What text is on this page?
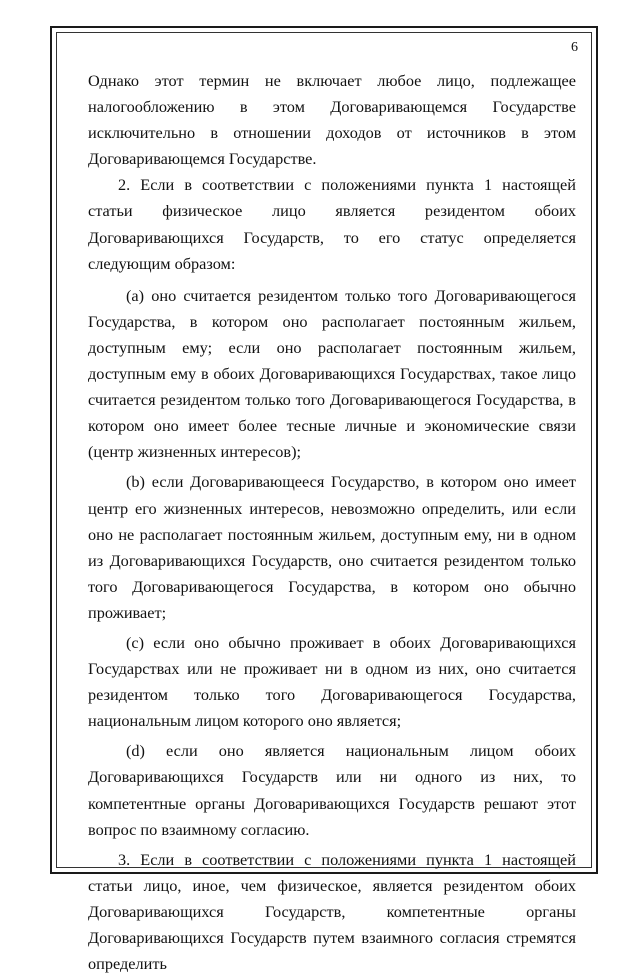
6

Однако этот термин не включает любое лицо, подлежащее налогообложению в этом Договаривающемся Государстве исключительно в отношении доходов от источников в этом Договаривающемся Государстве.

2. Если в соответствии с положениями пункта 1 настоящей статьи физическое лицо является резидентом обоих Договаривающихся Государств, то его статус определяется следующим образом:

(a) оно считается резидентом только того Договаривающегося Государства, в котором оно располагает постоянным жильем, доступным ему; если оно располагает постоянным жильем, доступным ему в обоих Договаривающихся Государствах, такое лицо считается резидентом только того Договаривающегося Государства, в котором оно имеет более тесные личные и экономические связи (центр жизненных интересов);

(b) если Договаривающееся Государство, в котором оно имеет центр его жизненных интересов, невозможно определить, или если оно не располагает постоянным жильем, доступным ему, ни в одном из Договаривающихся Государств, оно считается резидентом только того Договаривающегося Государства, в котором оно обычно проживает;

(c) если оно обычно проживает в обоих Договаривающихся Государствах или не проживает ни в одном из них, оно считается резидентом только того Договаривающегося Государства, национальным лицом которого оно является;

(d) если оно является национальным лицом обоих Договаривающихся Государств или ни одного из них, то компетентные органы Договаривающихся Государств решают этот вопрос по взаимному согласию.

3. Если в соответствии с положениями пункта 1 настоящей статьи лицо, иное, чем физическое, является резидентом обоих Договаривающихся Государств, компетентные органы Договаривающихся Государств путем взаимного согласия стремятся определить
